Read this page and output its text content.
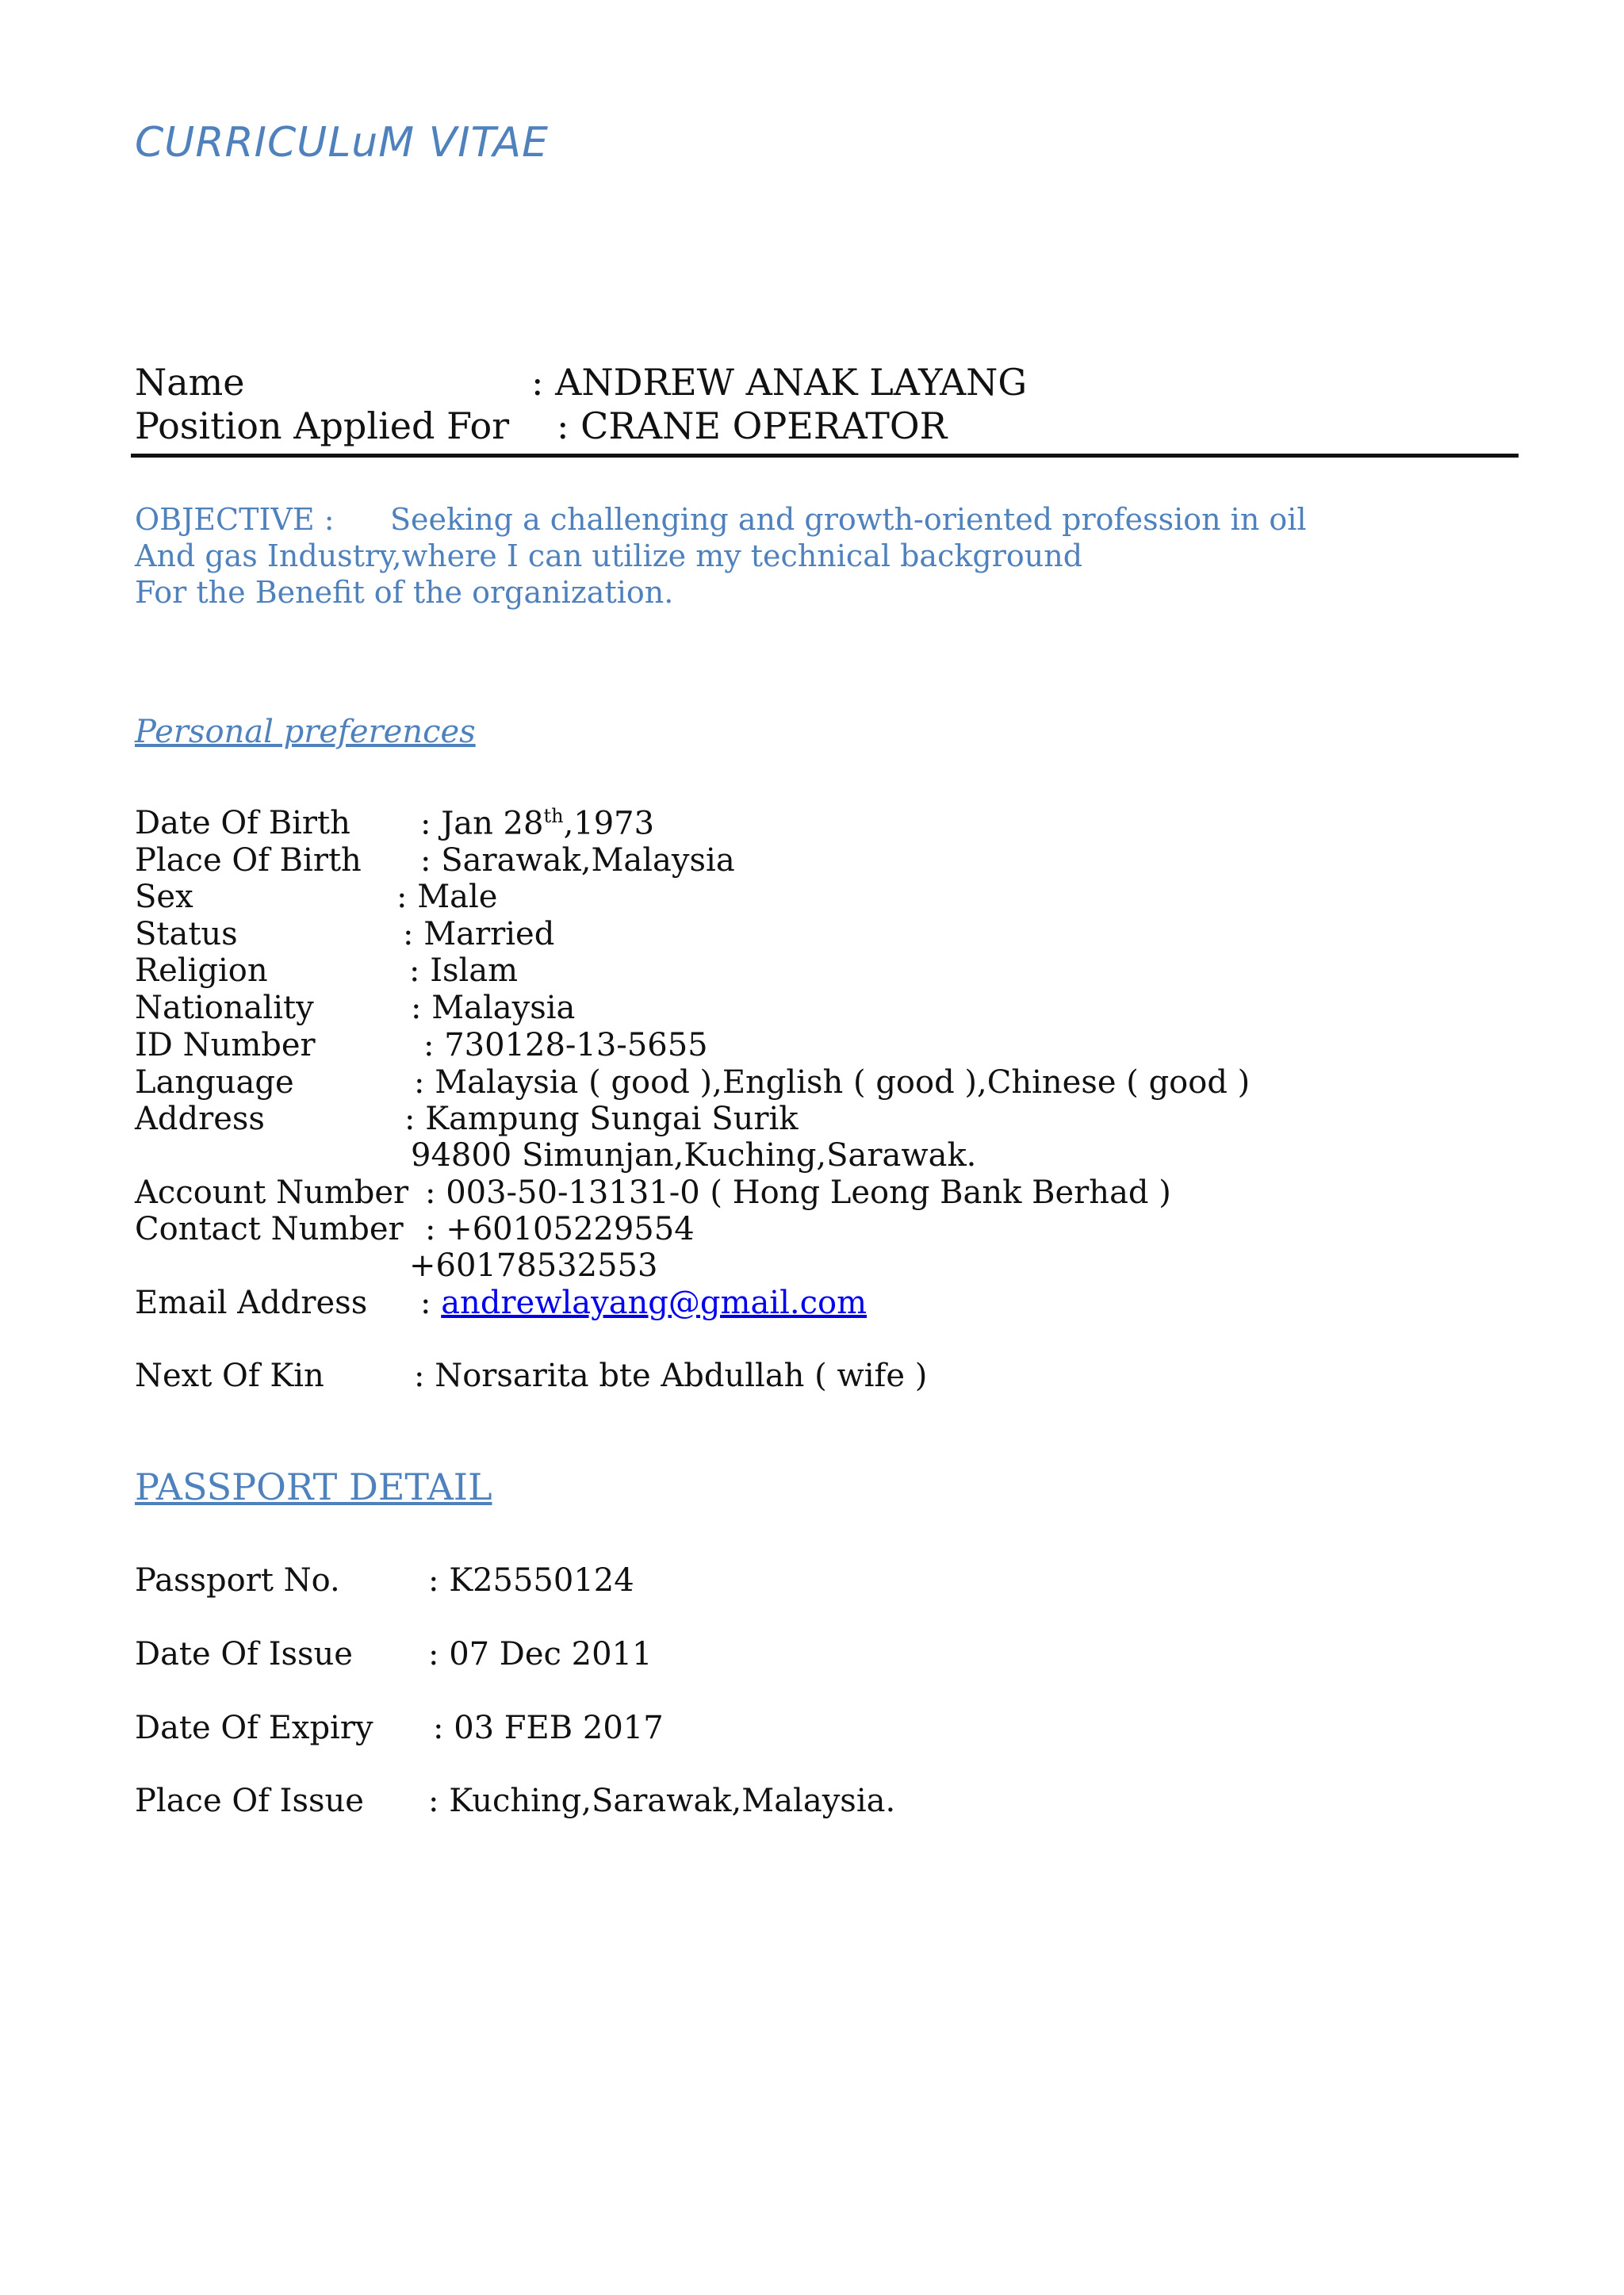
CURRICULuM VITAE
Name	: ANDREW ANAK LAYANG
Position Applied For : CRANE OPERATOR
OBJECTIVE : Seeking a challenging and growth-oriented profession in oil
And gas Industry,where I can utilize my technical background
For the Benefit of the organization.
Personal preferences
Date Of Birth : Jan 28th,1973
Place Of Birth : Sarawak,Malaysia
Sex	: Male
Status	: Married
Religion	: Islam
Nationality	: Malaysia
ID Number	: 730128-13-5655
Language	: Malaysia ( good ),English ( good ),Chinese ( good )
Address	: Kampung Sungai Surik
94800 Simunjan,Kuching,Sarawak.
Account Number : 003-50-13131-0 ( Hong Leong Bank Berhad )
Contact Number : +60105229554
+60178532553
Email Address : andrewlayang@gmail.com
Next Of Kin	: Norsarita bte Abdullah ( wife )
PASSPORT DETAIL
Passport No.	: K25550124
Date Of Issue : 07 Dec 2011
Date Of Expiry : 03 FEB 2017
Place Of Issue : Kuching,Sarawak,Malaysia.
